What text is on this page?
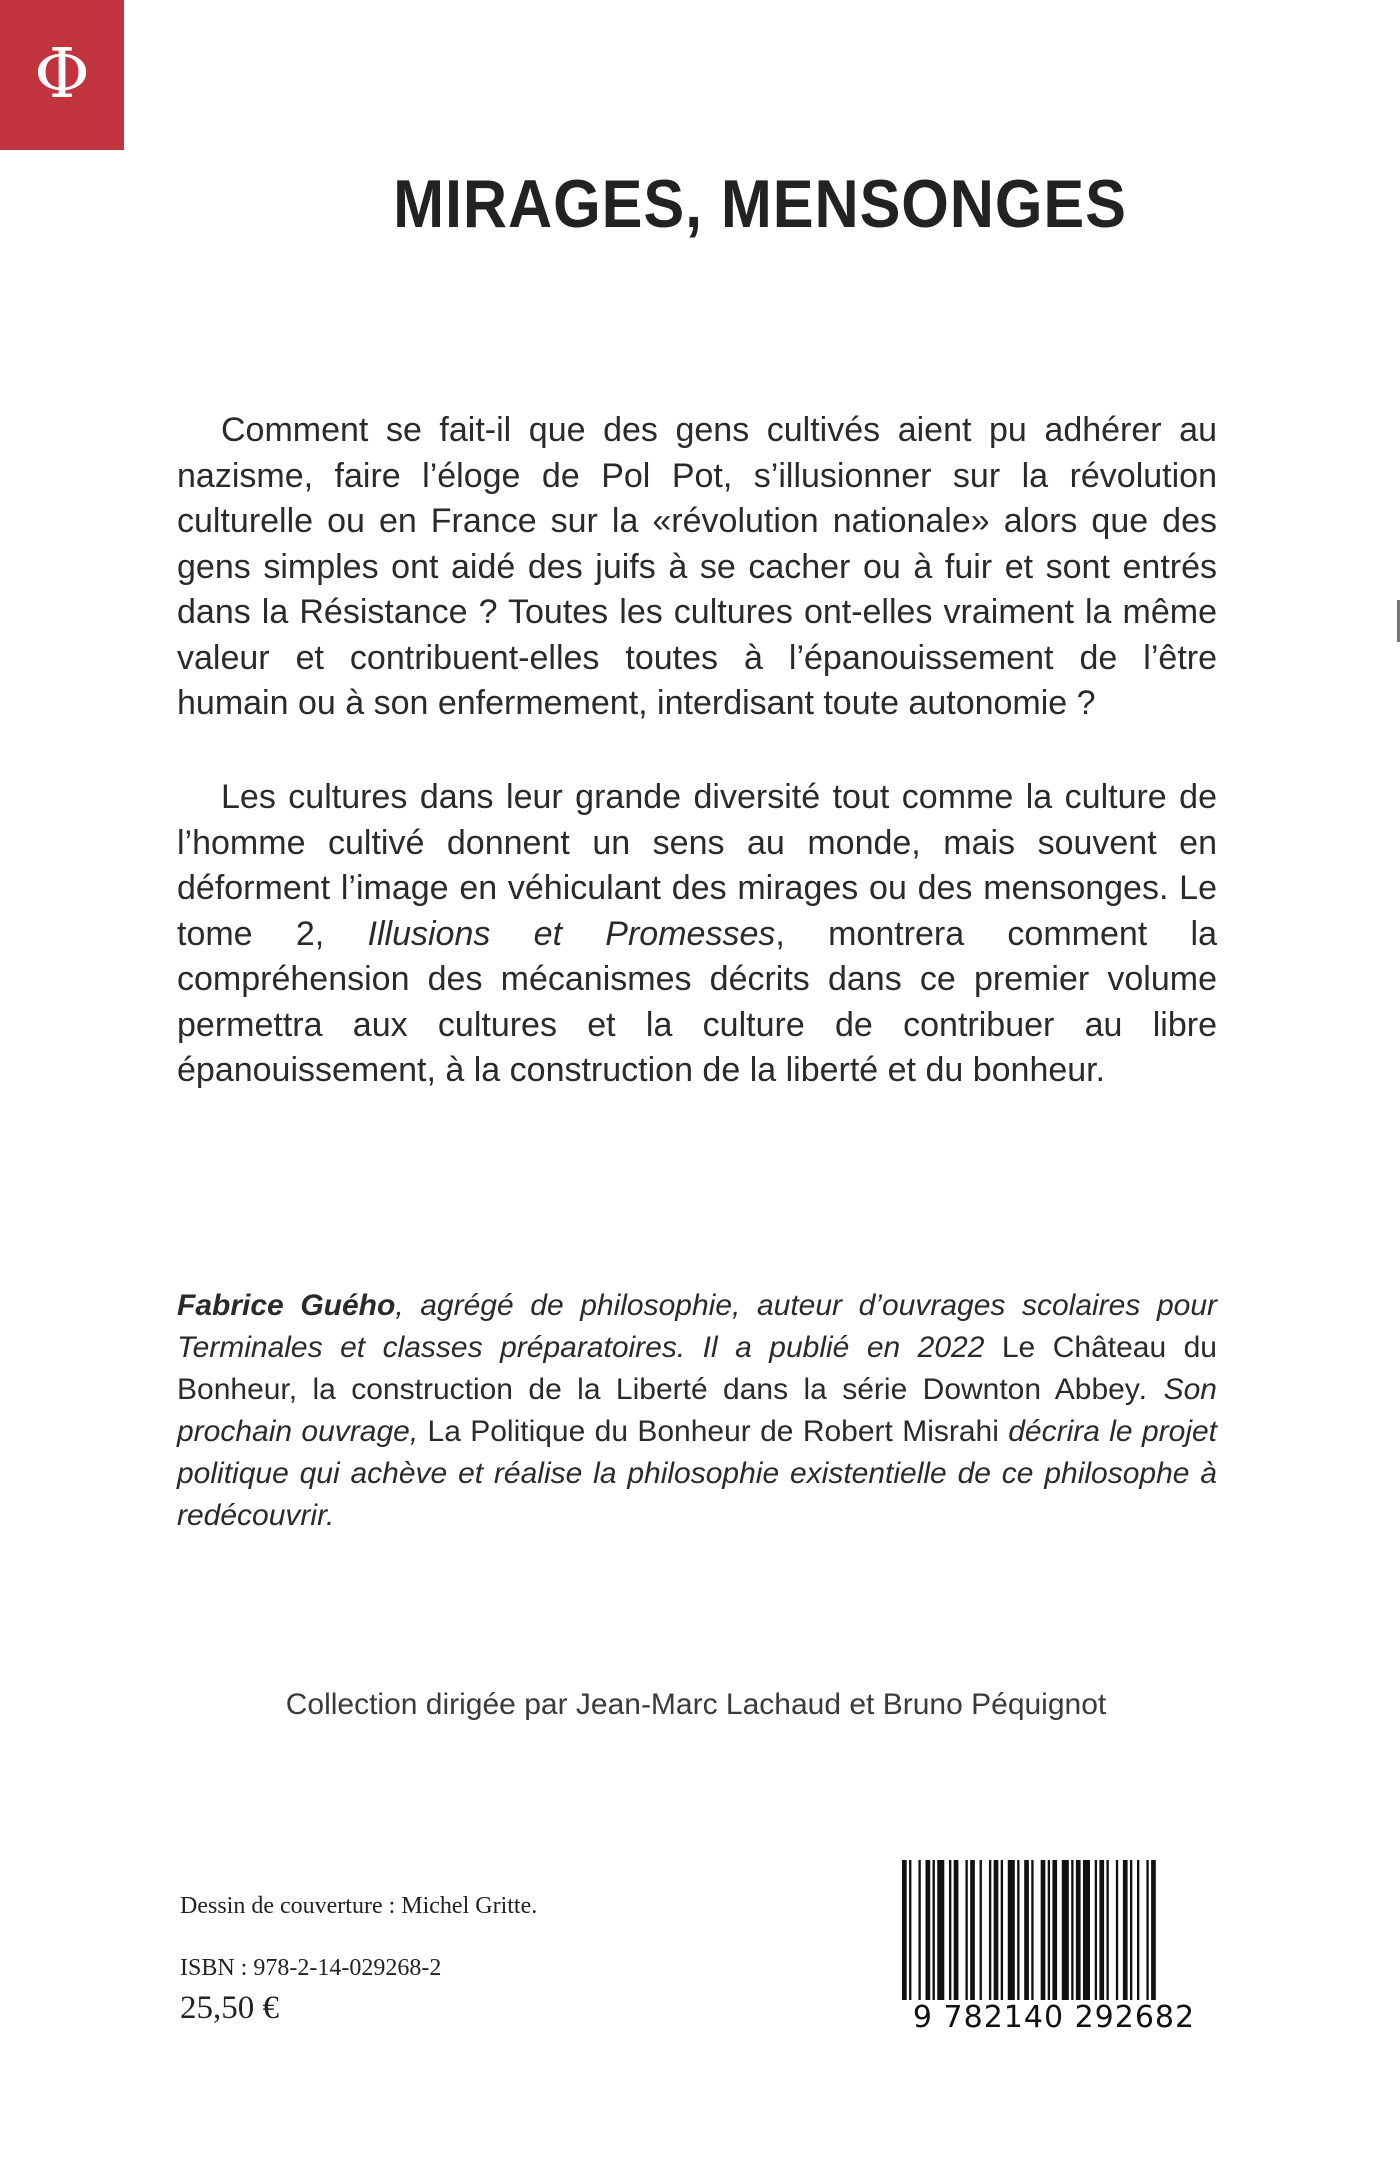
Φ
MIRAGES, MENSONGES

Comment se fait-il que des gens cultivés aient pu adhérer au nazisme, faire l’éloge de Pol Pot, s’illusionner sur la révolution culturelle ou en France sur la «révolution nationale» alors que des gens simples ont aidé des juifs à se cacher ou à fuir et sont entrés dans la Résistance ? Toutes les cultures ont-elles vraiment la même valeur et contribuent-elles toutes à l’épanouissement de l’être humain ou à son enfermement, interdisant toute autonomie ?

Les cultures dans leur grande diversité tout comme la culture de l’homme cultivé donnent un sens au monde, mais souvent en déforment l’image en véhiculant des mirages ou des mensonges. Le tome 2, Illusions et Promesses, montrera comment la compréhension des mécanismes décrits dans ce premier volume permettra aux cultures et la culture de contribuer au libre épanouissement, à la construction de la liberté et du bonheur.

Fabrice Guého, agrégé de philosophie, auteur d’ouvrages scolaires pour Terminales et classes préparatoires. Il a publié en 2022 Le Château du Bonheur, la construction de la Liberté dans la série Downton Abbey. Son prochain ouvrage, La Politique du Bonheur de Robert Misrahi décrira le projet politique qui achève et réalise la philosophie existentielle de ce philosophe à redécouvrir.
Collection dirigée par Jean-Marc Lachaud et Bruno Péquignot
Dessin de couverture : Michel Gritte.
ISBN : 978-2-14-029268-2
25,50 €	9 782140 292682
